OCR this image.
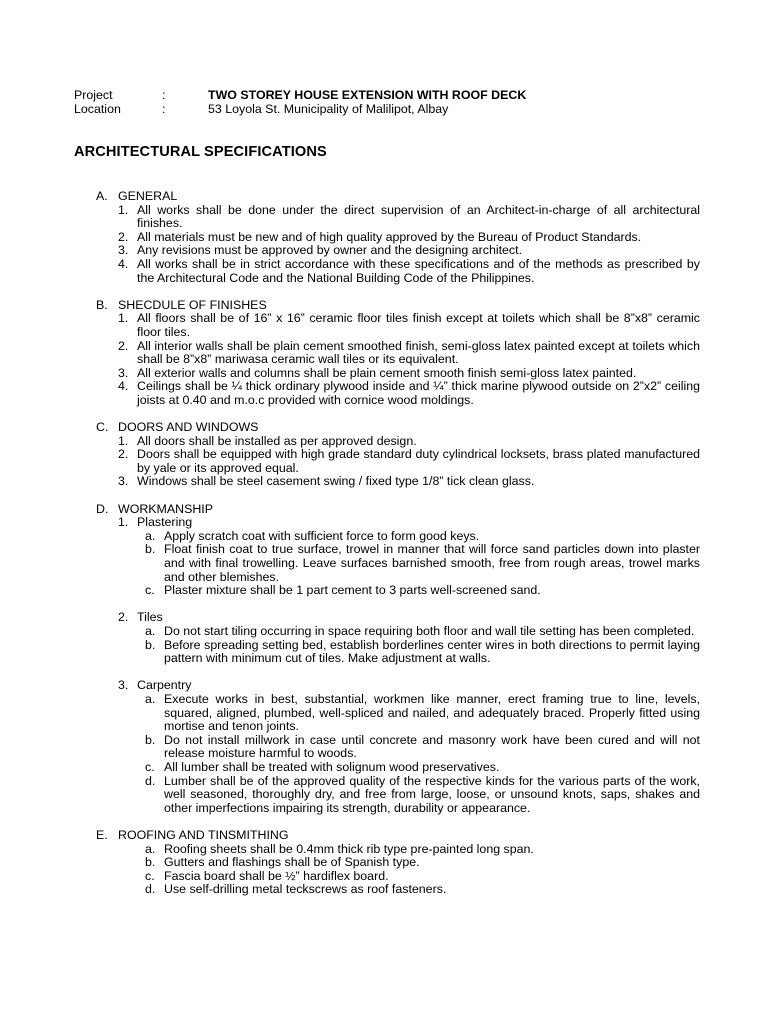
Project	:	TWO STOREY HOUSE EXTENSION WITH ROOF DECK
Location	:	53 Loyola St. Municipality of Malilipot, Albay
ARCHITECTURAL SPECIFICATIONS
A. GENERAL
1. All works shall be done under the direct supervision of an Architect-in-charge of all architectural finishes.
2. All materials must be new and of high quality approved by the Bureau of Product Standards.
3. Any revisions must be approved by owner and the designing architect.
4. All works shall be in strict accordance with these specifications and of the methods as prescribed by the Architectural Code and the National Building Code of the Philippines.
B. SHECDULE OF FINISHES
1. All floors shall be of 16” x 16” ceramic floor tiles finish except at toilets which shall be 8”x8” ceramic floor tiles.
2. All interior walls shall be plain cement smoothed finish, semi-gloss latex painted except at toilets which shall be 8”x8” mariwasa ceramic wall tiles or its equivalent.
3. All exterior walls and columns shall be plain cement smooth finish semi-gloss latex painted.
4. Ceilings shall be ¼ thick ordinary plywood inside and ¼” thick marine plywood outside on 2”x2” ceiling joists at 0.40 and m.o.c provided with cornice wood moldings.
C. DOORS AND WINDOWS
1. All doors shall be installed as per approved design.
2. Doors shall be equipped with high grade standard duty cylindrical locksets, brass plated manufactured by yale or its approved equal.
3. Windows shall be steel casement swing / fixed type 1/8” tick clean glass.
D. WORKMANSHIP
1. Plastering
a. Apply scratch coat with sufficient force to form good keys.
b. Float finish coat to true surface, trowel in manner that will force sand particles down into plaster and with final trowelling. Leave surfaces barnished smooth, free from rough areas, trowel marks and other blemishes.
c. Plaster mixture shall be 1 part cement to 3 parts well-screened sand.
2. Tiles
a. Do not start tiling occurring in space requiring both floor and wall tile setting has been completed.
b. Before spreading setting bed, establish borderlines center wires in both directions to permit laying pattern with minimum cut of tiles. Make adjustment at walls.
3. Carpentry
a. Execute works in best, substantial, workmen like manner, erect framing true to line, levels, squared, aligned, plumbed, well-spliced and nailed, and adequately braced. Properly fitted using mortise and tenon joints.
b. Do not install millwork in case until concrete and masonry work have been cured and will not release moisture harmful to woods.
c. All lumber shall be treated with solignum wood preservatives.
d. Lumber shall be of the approved quality of the respective kinds for the various parts of the work, well seasoned, thoroughly dry, and free from large, loose, or unsound knots, saps, shakes and other imperfections impairing its strength, durability or appearance.
E. ROOFING AND TINSMITHING
a. Roofing sheets shall be 0.4mm thick rib type pre-painted long span.
b. Gutters and flashings shall be of Spanish type.
c. Fascia board shall be ½” hardiflex board.
d. Use self-drilling metal teckscrews as roof fasteners.
